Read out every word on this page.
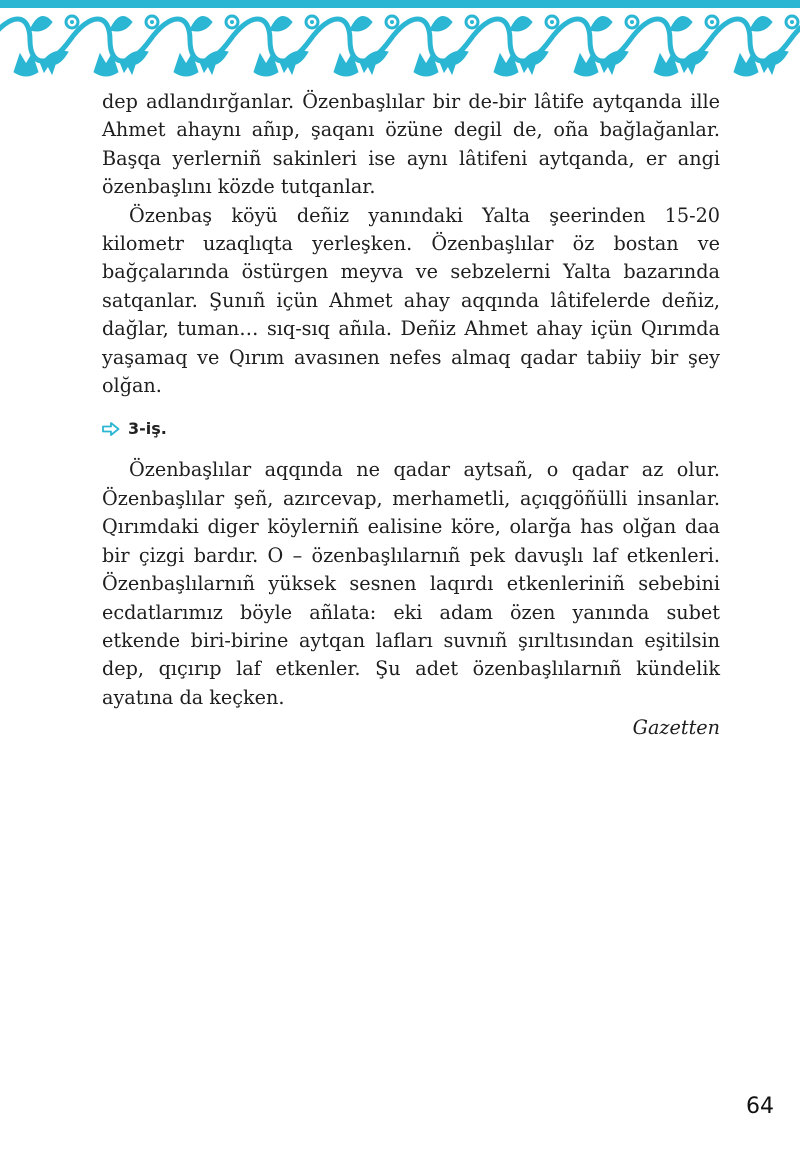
dep adlandırğanlar. Özenbaşlılar bir de-bir lâtife aytqanda ille Ahmet ahaynı añıp, şaqanı özüne degil de, oña bağlağanlar. Başqa yerlerniñ sakinleri ise aynı lâtifeni aytqanda, er angi özenbaşlını közde tutqanlar.

Özenbaş köyü deñiz yanındaki Yalta şeerinden 15-20 kilometr uzaqlıqta yerleşken. Özenbaşlılar öz bostan ve bağçalarında östürgen meyva ve sebzelerni Yalta bazarında satqanlar. Şunıñ içün Ahmet ahay aqqında lâtifelerde deñiz, dağlar, tuman… sıq-sıq añıla. Deñiz Ahmet ahay içün Qırımda yaşamaq ve Qırım avasınen nefes almaq qadar tabiiy bir şey olğan.

3-iş.

Özenbaşlılar aqqında ne qadar aytsañ, o qadar az olur. Özenbaşlılar şeñ, azırcevap, merhametli, açıqgöñülli insanlar. Qırımdaki diger köylerniñ ealisine köre, olarğa has olğan daa bir çizgi bardır. O – özenbaşlılarnıñ pek davuşlı laf etkenleri. Özenbaşlılarnıñ yüksek sesnen laqırdı etkenleriniñ sebebini ecdatlarımız böyle añlata: eki adam özen yanında subet etkende biri-birine aytqan lafları suvnıñ şırıltısından eşitilsin dep, qıçırıp laf etkenler. Şu adet özenbaşlılarnıñ kündelik ayatına da keçken.

Gazetten

64
